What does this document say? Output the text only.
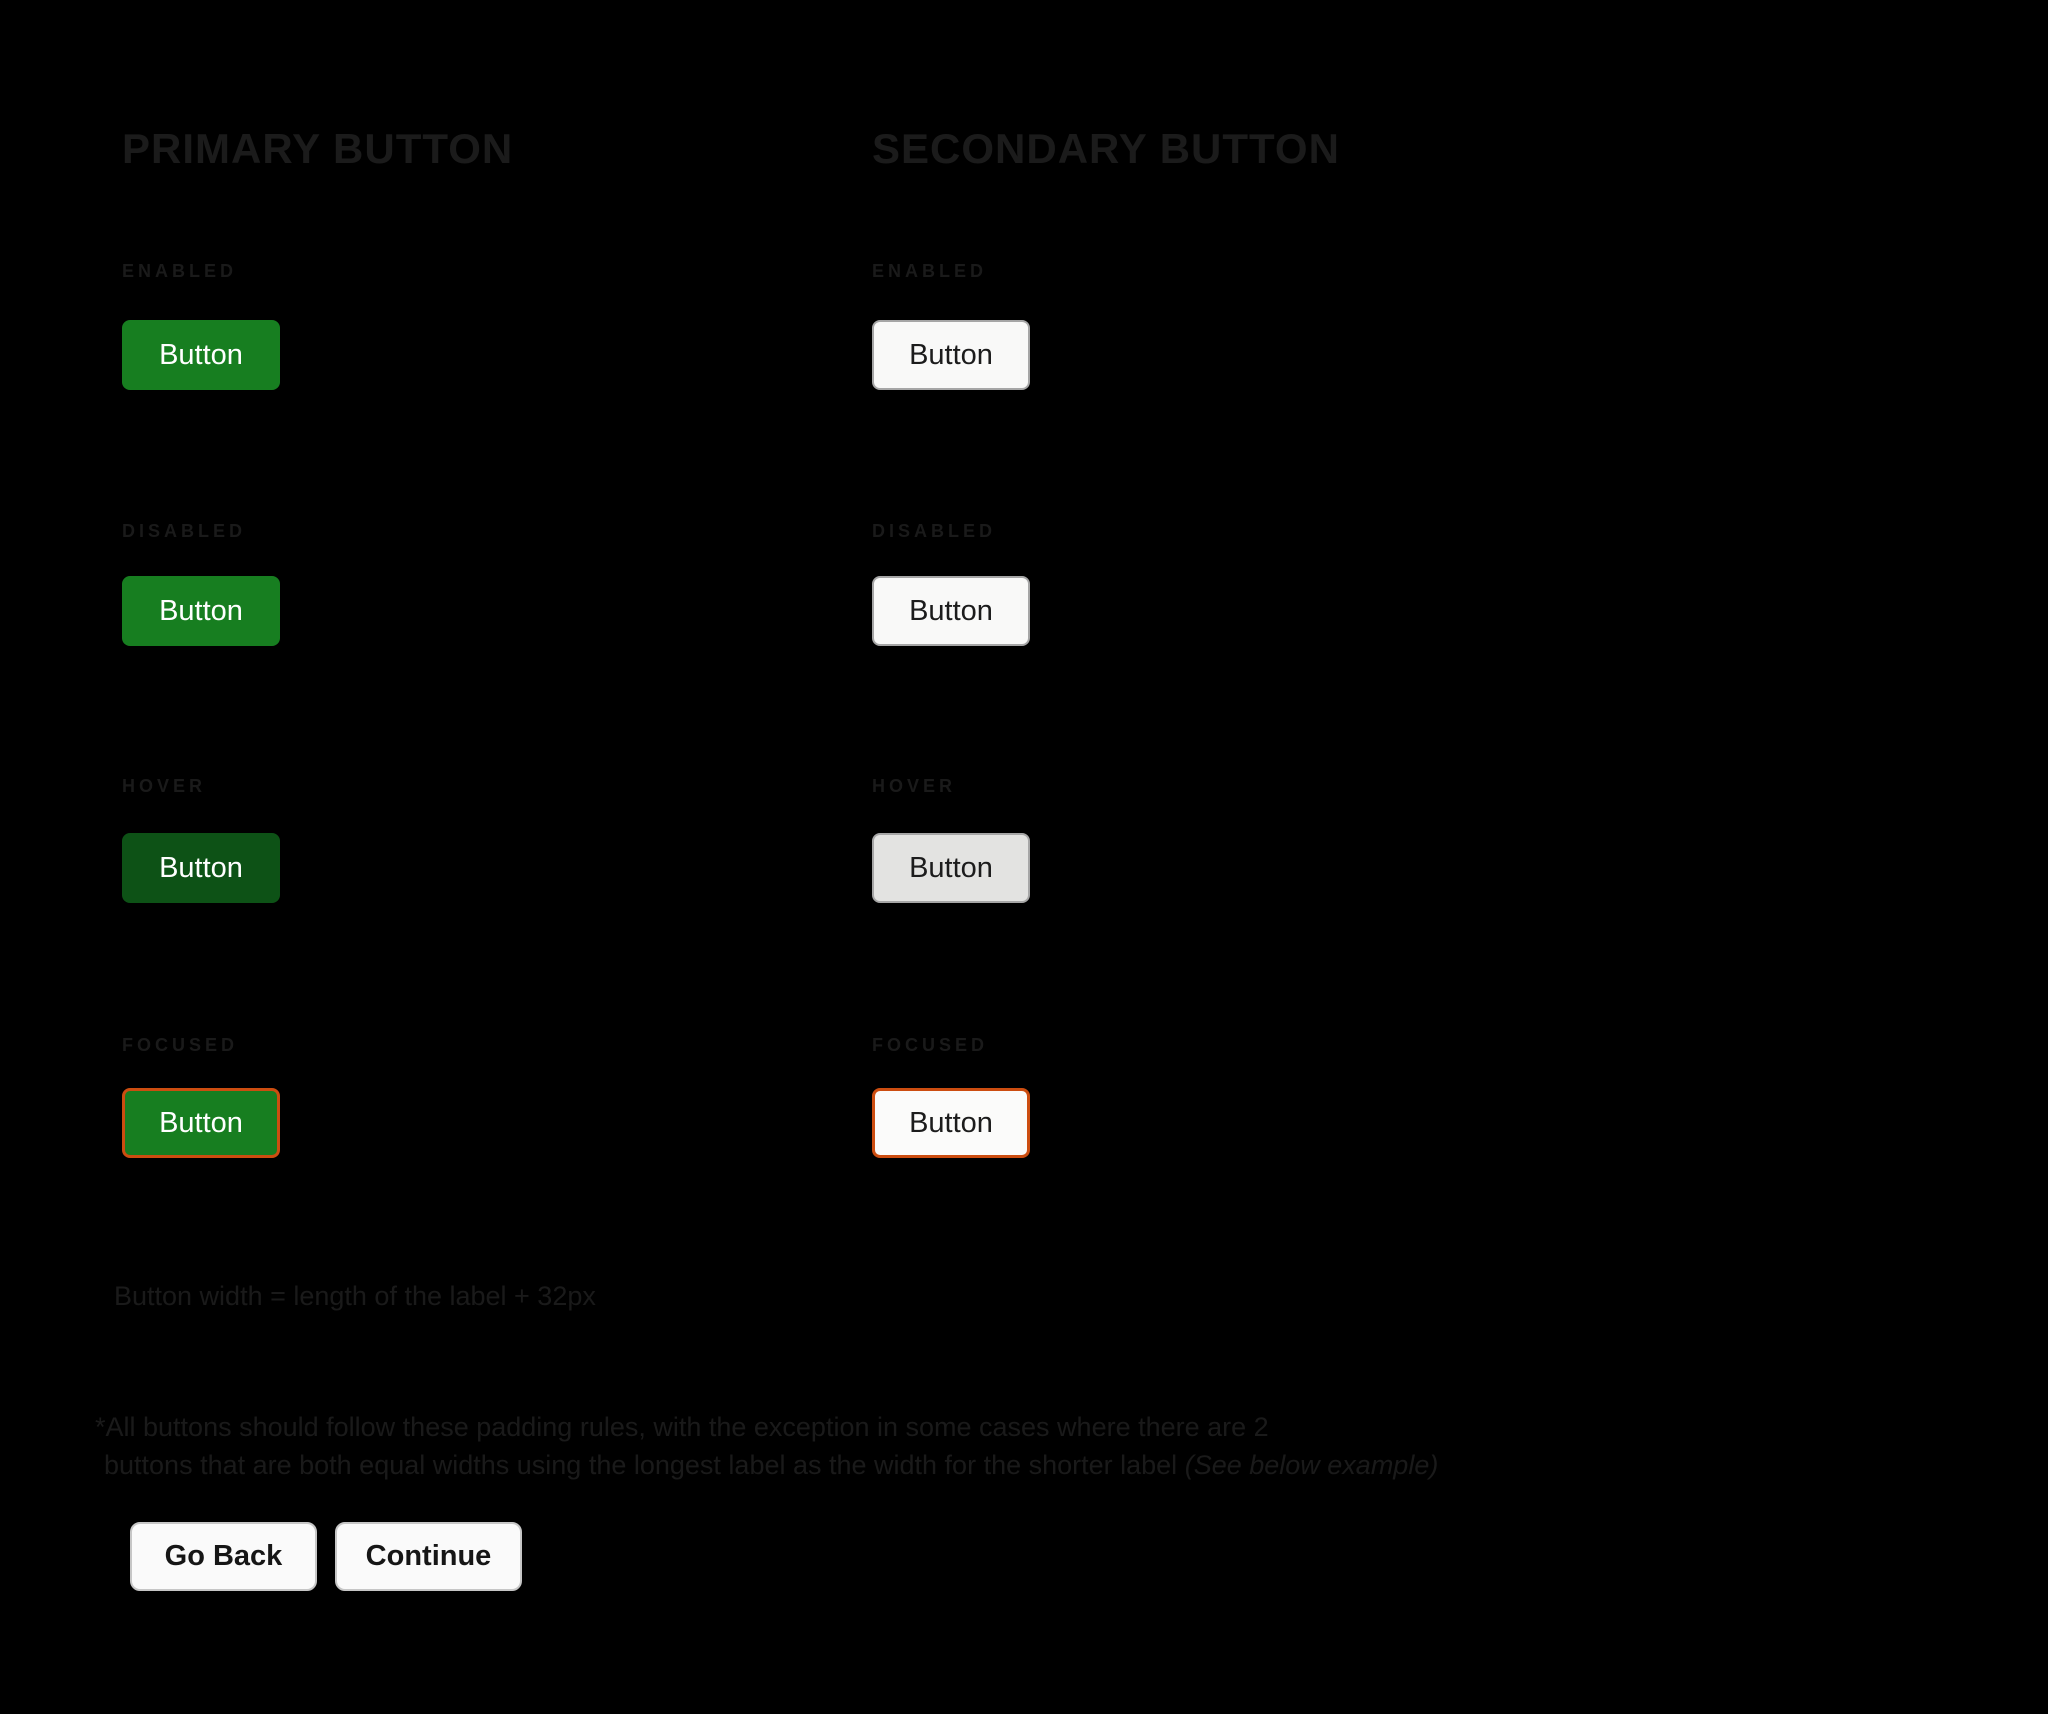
PRIMARY BUTTON
ENABLED
Button
DISABLED
Button
HOVER
Button
FOCUSED
Button
SECONDARY BUTTON
ENABLED
Button
DISABLED
Button
HOVER
Button
FOCUSED
Button
Button width = length of the label + 32px
*All buttons should follow these padding rules, with the exception in some cases where there are 2
buttons that are both equal widths using the longest label as the width for the shorter label (See below example)
Go Back	Continue
